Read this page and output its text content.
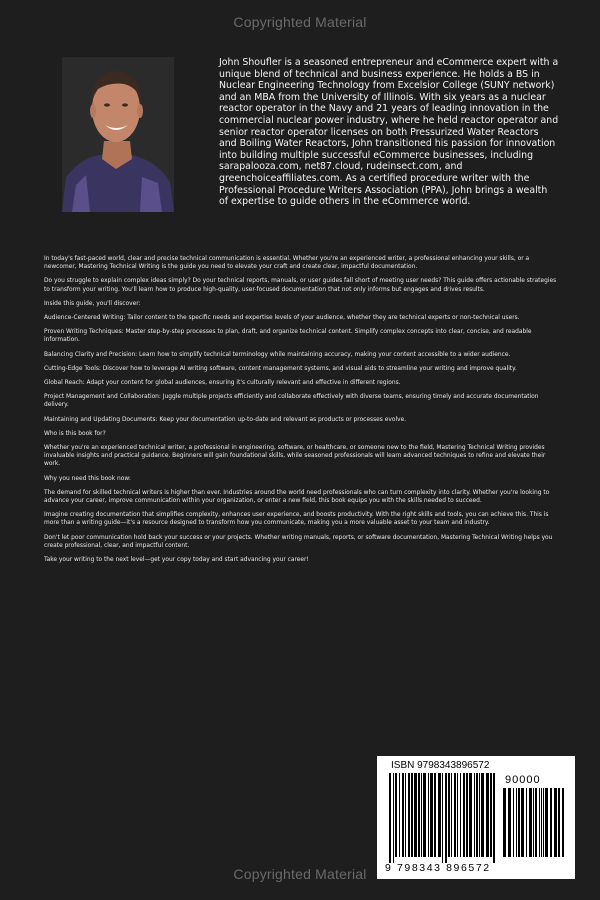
Copyrighted Material
John Shoufler is a seasoned entrepreneur and eCommerce expert with a unique blend of technical and business experience. He holds a BS in Nuclear Engineering Technology from Excelsior College (SUNY network) and an MBA from the University of Illinois. With six years as a nuclear reactor operator in the Navy and 21 years of leading innovation in the commercial nuclear power industry, where he held reactor operator and senior reactor operator licenses on both Pressurized Water Reactors and Boiling Water Reactors, John transitioned his passion for innovation into building multiple successful eCommerce businesses, including sarapalooza.com, net87.cloud, rudeinsect.com, and greenchoiceaffiliates.com. As a certified procedure writer with the Professional Procedure Writers Association (PPA), John brings a wealth of expertise to guide others in the eCommerce world.

In today's fast-paced world, clear and precise technical communication is essential. Whether you're an experienced writer, a professional enhancing your skills, or a newcomer, Mastering Technical Writing is the guide you need to elevate your craft and create clear, impactful documentation.

Do you struggle to explain complex ideas simply? Do your technical reports, manuals, or user guides fall short of meeting user needs? This guide offers actionable strategies to transform your writing. You'll learn how to produce high-quality, user-focused documentation that not only informs but engages and drives results.

Inside this guide, you'll discover:

Audience-Centered Writing: Tailor content to the specific needs and expertise levels of your audience, whether they are technical experts or non-technical users.

Proven Writing Techniques: Master step-by-step processes to plan, draft, and organize technical content. Simplify complex concepts into clear, concise, and readable information.

Balancing Clarity and Precision: Learn how to simplify technical terminology while maintaining accuracy, making your content accessible to a wider audience.

Cutting-Edge Tools: Discover how to leverage AI writing software, content management systems, and visual aids to streamline your writing and improve quality.

Global Reach: Adapt your content for global audiences, ensuring it's culturally relevant and effective in different regions.

Project Management and Collaboration: Juggle multiple projects efficiently and collaborate effectively with diverse teams, ensuring timely and accurate documentation delivery.

Maintaining and Updating Documents: Keep your documentation up-to-date and relevant as products or processes evolve.

Who is this book for?

Whether you're an experienced technical writer, a professional in engineering, software, or healthcare, or someone new to the field, Mastering Technical Writing provides invaluable insights and practical guidance. Beginners will gain foundational skills, while seasoned professionals will learn advanced techniques to refine and elevate their work.

Why you need this book now:

The demand for skilled technical writers is higher than ever. Industries around the world need professionals who can turn complexity into clarity. Whether you're looking to advance your career, improve communication within your organization, or enter a new field, this book equips you with the skills needed to succeed.

Imagine creating documentation that simplifies complexity, enhances user experience, and boosts productivity. With the right skills and tools, you can achieve this. This is more than a writing guide—it's a resource designed to transform how you communicate, making you a more valuable asset to your team and industry.

Don't let poor communication hold back your success or your projects. Whether writing manuals, reports, or software documentation, Mastering Technical Writing helps you create professional, clear, and impactful content.

Take your writing to the next level—get your copy today and start advancing your career!

ISBN 9798343896572
90000
9 798343 896572
Copyrighted Material
